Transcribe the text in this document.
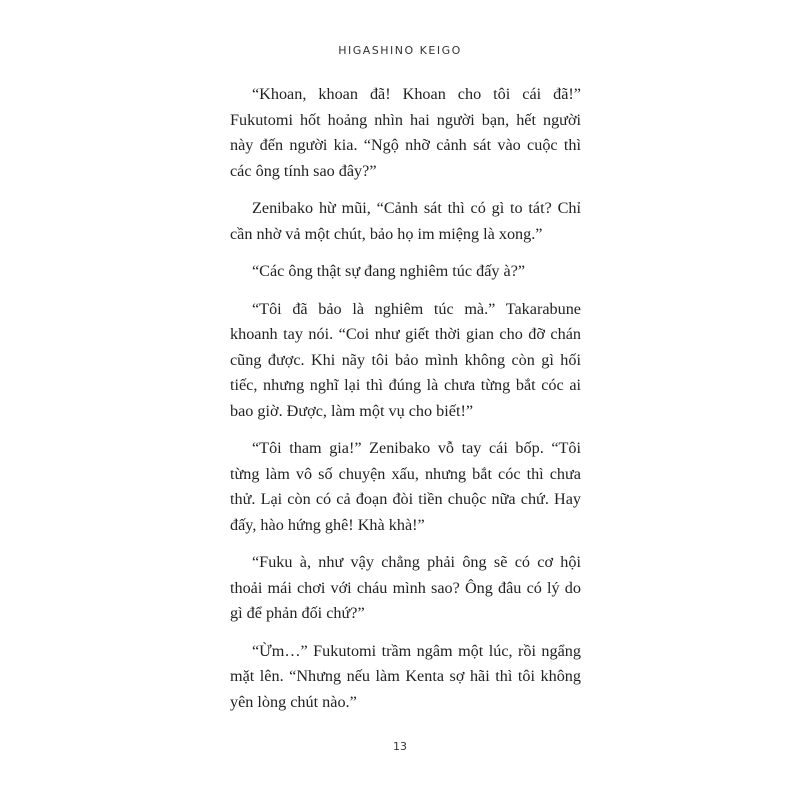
HIGASHINO KEIGO

“Khoan, khoan đã! Khoan cho tôi cái đã!” Fukutomi hốt hoảng nhìn hai người bạn, hết người này đến người kia. “Ngộ nhỡ cảnh sát vào cuộc thì các ông tính sao đây?”

Zenibako hừ mũi, “Cảnh sát thì có gì to tát? Chỉ cần nhờ vả một chút, bảo họ im miệng là xong.”

“Các ông thật sự đang nghiêm túc đấy à?”

“Tôi đã bảo là nghiêm túc mà.” Takarabune khoanh tay nói. “Coi như giết thời gian cho đỡ chán cũng được. Khi nãy tôi bảo mình không còn gì hối tiếc, nhưng nghĩ lại thì đúng là chưa từng bắt cóc ai bao giờ. Được, làm một vụ cho biết!”

“Tôi tham gia!” Zenibako vỗ tay cái bốp. “Tôi từng làm vô số chuyện xấu, nhưng bắt cóc thì chưa thử. Lại còn có cả đoạn đòi tiền chuộc nữa chứ. Hay đấy, hào hứng ghê! Khà khà!”

“Fuku à, như vậy chẳng phải ông sẽ có cơ hội thoải mái chơi với cháu mình sao? Ông đâu có lý do gì để phản đối chứ?”

“Ừm…” Fukutomi trầm ngâm một lúc, rồi ngẩng mặt lên. “Nhưng nếu làm Kenta sợ hãi thì tôi không yên lòng chút nào.”

13
